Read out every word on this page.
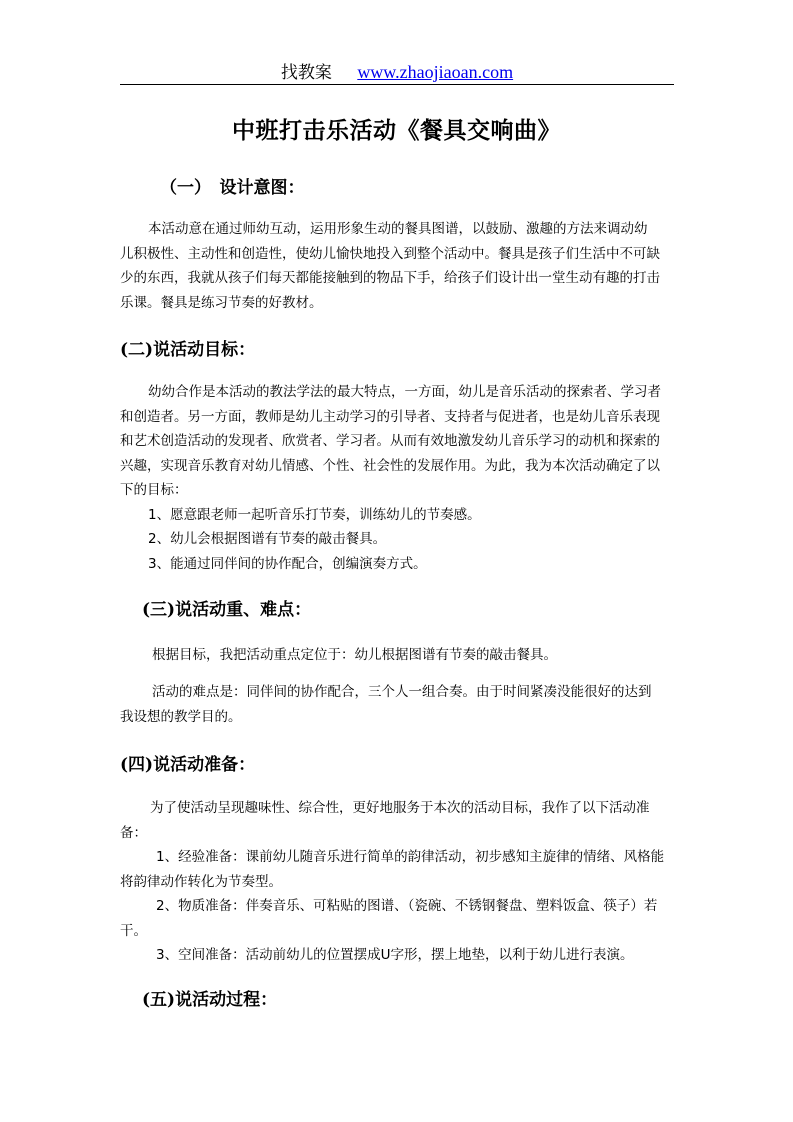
找教案 www.zhaojiaoan.com
中班打击乐活动《餐具交响曲》
（一）　设计意图：
本活动意在通过师幼互动，运用形象生动的餐具图谱，以鼓励、激趣的方法来调动幼
儿积极性、主动性和创造性，使幼儿愉快地投入到整个活动中。餐具是孩子们生活中不可缺
少的东西，我就从孩子们每天都能接触到的物品下手，给孩子们设计出一堂生动有趣的打击
乐课。餐具是练习节奏的好教材。
(二)说活动目标：
幼幼合作是本活动的教法学法的最大特点，一方面，幼儿是音乐活动的探索者、学习者
和创造者。另一方面，教师是幼儿主动学习的引导者、支持者与促进者，也是幼儿音乐表现
和艺术创造活动的发现者、欣赏者、学习者。从而有效地激发幼儿音乐学习的动机和探索的
兴趣，实现音乐教育对幼儿情感、个性、社会性的发展作用。为此，我为本次活动确定了以
下的目标：
1、愿意跟老师一起听音乐打节奏，训练幼儿的节奏感。
2、幼儿会根据图谱有节奏的敲击餐具。
3、能通过同伴间的协作配合，创编演奏方式。
(三)说活动重、难点：
根据目标，我把活动重点定位于：幼儿根据图谱有节奏的敲击餐具。
活动的难点是：同伴间的协作配合，三个人一组合奏。由于时间紧凑没能很好的达到
我设想的教学目的。
(四)说活动准备：
为了使活动呈现趣味性、综合性，更好地服务于本次的活动目标，我作了以下活动准
备：
1、经验准备：课前幼儿随音乐进行简单的韵律活动，初步感知主旋律的情绪、风格能
将韵律动作转化为节奏型。
2、物质准备：伴奏音乐、可粘贴的图谱、（瓷碗、不锈钢餐盘、塑料饭盒、筷子）若
干。
3、空间准备：活动前幼儿的位置摆成U字形，摆上地垫，以利于幼儿进行表演。
(五)说活动过程：
